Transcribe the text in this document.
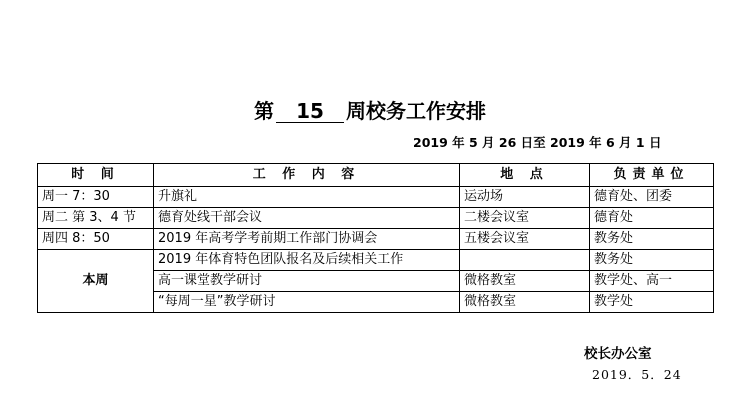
第 15 周校务工作安排
2019 年 5 月 26 日至 2019 年 6 月 1 日
时 间	工 作 内 容	地 点	负责单位
周一 7：30	升旗礼	运动场	德育处、团委
周二 第 3、4 节	德育处线干部会议	二楼会议室	德育处
周四 8：50	2019 年高考学考前期工作部门协调会	五楼会议室	教务处
本周	2019 年体育特色团队报名及后续相关工作		教务处
	高一课堂教学研讨	微格教室	教学处、高一
	“每周一星”教学研讨	微格教室	教学处
校长办公室
2019．5．24
